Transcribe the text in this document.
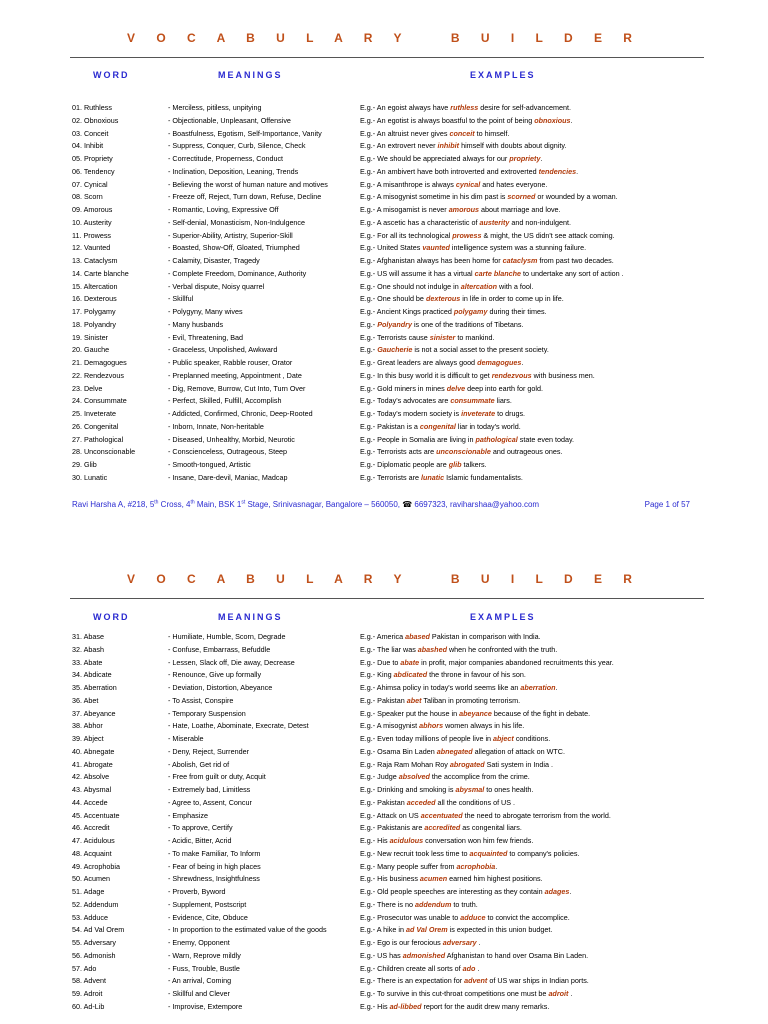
V O C A B U L A R Y	B U I L D E R
WORD	MEANINGS	EXAMPLES
01. Ruthless	- Merciless, pitiless, unpitying	E.g.- An egoist always have ruthless desire for self-advancement.
02. Obnoxious	- Objectionable, Unpleasant, Offensive	E.g.- An egotist is always boastful to the point of being obnoxious.
03. Conceit	- Boastfulness, Egotism, Self-Importance, Vanity	E.g.- An altruist never gives conceit to himself.
04. Inhibit	- Suppress, Conquer, Curb, Silence, Check	E.g.- An extrovert never inhibit himself with doubts about dignity.
05. Propriety	- Correctitude, Properness, Conduct	E.g.- We should be appreciated always for our propriety.
06. Tendency	- Inclination, Deposition, Leaning, Trends	E.g.- An ambivert have both introverted and extroverted tendencies.
07. Cynical	- Believing the worst of human nature and motives	E.g.- A misanthrope is always cynical and hates everyone.
08. Scorn	- Freeze off, Reject, Turn down, Refuse, Decline	E.g.- A misogynist sometime in his dim past is scorned or wounded by a woman.
09. Amorous	- Romantic, Loving, Expressive Off	E.g.- A misogamist is never amorous about marriage and love.
10. Austerity	- Self-denial, Monasticism, Non-Indulgence	E.g.- A ascetic has a characteristic of austerity and non-indulgent.
11. Prowess	- Superior-Ability, Artistry, Superior-Skill	E.g.- For all its technological prowess & might, the US didn't see attack coming.
12. Vaunted	- Boasted, Show-Off, Gloated, Triumphed	E.g.- United States vaunted intelligence system was a stunning failure.
13. Cataclysm	- Calamity, Disaster, Tragedy	E.g.- Afghanistan always has been home for cataclysm from past two decades.
14. Carte blanche	- Complete Freedom, Dominance, Authority	E.g.- US will assume it has a virtual carte blanche to undertake any sort of action .
15. Altercation	- Verbal dispute, Noisy quarrel	E.g.- One should not indulge in altercation with a fool.
16. Dexterous	- Skillful	E.g.- One should be dexterous in life in order to come up in life.
17. Polygamy	- Polygyny, Many wives	E.g.- Ancient Kings practiced polygamy during their times.
18. Polyandry	- Many husbands	E.g.- Polyandry is one of the traditions of Tibetans.
19. Sinister	- Evil, Threatening, Bad	E.g.- Terrorists cause sinister to mankind.
20. Gauche	- Graceless, Unpolished, Awkward	E.g.- Gaucherie is not a social asset to the present society.
21. Demagogues	- Public speaker, Rabble rouser, Orator	E.g.- Great leaders are always good demagogues.
22. Rendezvous	- Preplanned meeting, Appointment , Date	E.g.- In this busy world it is difficult to get rendezvous with business men.
23. Delve	- Dig, Remove, Burrow, Cut Into, Turn Over	E.g.- Gold miners in mines delve deep into earth for gold.
24. Consummate	- Perfect, Skilled, Fulfill, Accomplish	E.g.- Today's advocates are consummate liars.
25. Inveterate	- Addicted, Confirmed, Chronic, Deep-Rooted	E.g.- Today's modern society is inveterate to drugs.
26. Congenital	- Inborn, Innate, Non-heritable	E.g.- Pakistan is a congenital liar in today's world.
27. Pathological	- Diseased, Unhealthy, Morbid, Neurotic	E.g.- People in Somalia are living in pathological state even today.
28. Unconscionable	- Conscienceless, Outrageous, Steep	E.g.- Terrorists acts are unconscionable and outrageous ones.
29. Glib	- Smooth-tongued, Artistic	E.g.- Diplomatic people are glib talkers.
30. Lunatic	- Insane, Dare-devil, Maniac, Madcap	E.g.- Terrorists are lunatic Islamic fundamentalists.
Ravi Harsha A, #218, 5th Cross, 4th Main, BSK 1st Stage, Srinivasnagar, Bangalore – 560050, ☎ 6697323, raviharshaa@yahoo.com	Page 1 of 57
V O C A B U L A R Y	B U I L D E R
WORD	MEANINGS	EXAMPLES
31. Abase	- Humiliate, Humble, Scorn, Degrade	E.g.- America abased Pakistan in comparison with India.
32. Abash	- Confuse, Embarrass, Befuddle	E.g.- The liar was abashed when he confronted with the truth.
33. Abate	- Lessen, Slack off, Die away, Decrease	E.g.- Due to abate in profit, major companies abandoned recruitments this year.
34. Abdicate	- Renounce, Give up formally	E.g.- King abdicated the throne in favour of his son.
35. Aberration	- Deviation, Distortion, Abeyance	E.g.- Ahimsa policy in today's world seems like an aberration.
36. Abet	- To Assist, Conspire	E.g.- Pakistan abet Taliban in promoting terrorism.
37. Abeyance	- Temporary Suspension	E.g.- Speaker put the house in abeyance because of the fight in debate.
38. Abhor	- Hate, Loathe, Abominate, Execrate, Detest	E.g.- A misogynist abhors women always in his life.
39. Abject	- Miserable	E.g.- Even today millions of people live in abject conditions.
40. Abnegate	- Deny, Reject, Surrender	E.g.- Osama Bin Laden abnegated allegation of attack on WTC.
41. Abrogate	- Abolish, Get rid of	E.g.- Raja Ram Mohan Roy abrogated Sati system in India .
42. Absolve	- Free from guilt or duty, Acquit	E.g.- Judge absolved the accomplice from the crime.
43. Abysmal	- Extremely bad, Limitless	E.g.- Drinking and smoking is abysmal to ones health.
44. Accede	- Agree to, Assent, Concur	E.g.- Pakistan acceded all the conditions of US .
45. Accentuate	- Emphasize	E.g.- Attack on US accentuated the need to abrogate terrorism from the world.
46. Accredit	- To approve, Certify	E.g.- Pakistanis are accredited as congenital liars.
47. Acidulous	- Acidic, Bitter, Acrid	E.g.- His acidulous conversation won him few friends.
48. Acquaint	- To make Familiar, To Inform	E.g.- New recruit took less time to acquainted to company's policies.
49. Acrophobia	- Fear of being in high places	E.g.- Many people suffer from acrophobia.
50. Acumen	- Shrewdness, Insightfulness	E.g.- His business acumen earned him highest positions.
51. Adage	- Proverb, Byword	E.g.- Old people speeches are interesting as they contain adages.
52. Addendum	- Supplement, Postscript	E.g.- There is no addendum to truth.
53. Adduce	- Evidence, Cite, Obduce	E.g.- Prosecutor was unable to adduce to convict the accomplice.
54. Ad Val Orem	- In proportion to the estimated value of the goods	E.g.- A hike in ad Val Orem is expected in this union budget.
55. Adversary	- Enemy, Opponent	E.g.- Ego is our ferocious adversary .
56. Admonish	- Warn, Reprove mildly	E.g.- US has admonished Afghanistan to hand over Osama Bin Laden.
57. Ado	- Fuss, Trouble, Bustle	E.g.- Children create all sorts of ado .
58. Advent	- An arrival, Coming	E.g.- There is an expectation for advent of US war ships in Indian ports.
59. Adroit	- Skillful and Clever	E.g.- To survive in this cut-throat competitions one must be adroit .
60. Ad-Lib	- Improvise, Extempore	E.g.- His ad-libbed report for the audit drew many remarks.
